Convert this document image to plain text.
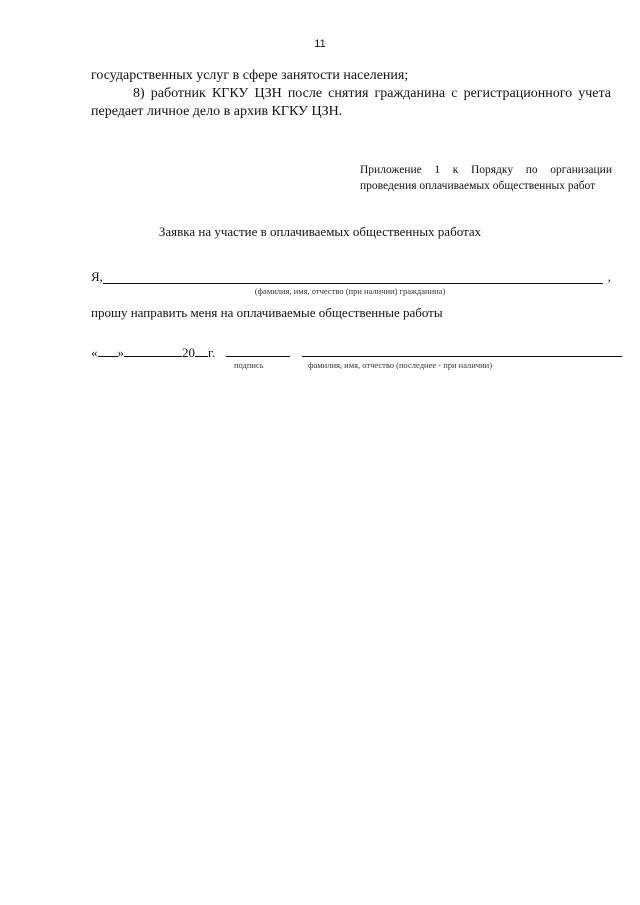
11

государственных услуг в сфере занятости населения;

8) работник КГКУ ЦЗН после снятия гражданина с регистрационного учета передает личное дело в архив КГКУ ЦЗН.

Приложение 1 к Порядку по организации проведения оплачиваемых общественных работ

Заявка на участие в оплачиваемых общественных работах
Я,	,
(фамилия, имя, отчество (при наличии) гражданина)
прошу направить меня на оплачиваемые общественные работы
« »	20 г.
подпись	фамилия, имя, отчество (последнее - при наличии)
